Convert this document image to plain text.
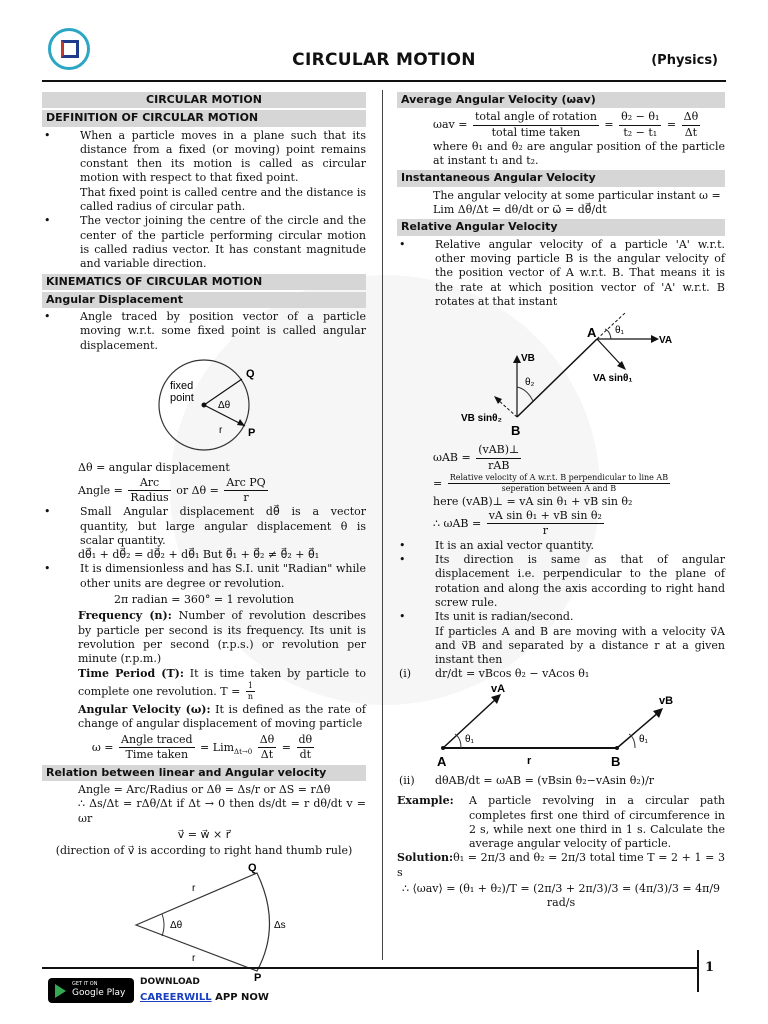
CIRCULAR MOTION	(Physics)
CIRCULAR MOTION
DEFINITION OF CIRCULAR MOTION
•	When a particle moves in a plane such that its distance from a fixed (or moving) point remains constant then its motion is called as circular motion with respect to that fixed point.
That fixed point is called centre and the distance is called radius of circular path.
•	The vector joining the centre of the circle and the center of the particle performing circular motion is called radius vector. It has constant magnitude and variable direction.
KINEMATICS OF CIRCULAR MOTION
Angular Displacement
•	Angle traced by position vector of a particle moving w.r.t. some fixed point is called angular displacement.
fixed
point
Δθ
r
Q
P
Δθ = angular displacement
Angle = $\frac{\text{Arc}}{\text{Radius}}$ or $\Delta\theta = \frac{\text{Arc PQ}}{r}$
•	Small Angular displacement dθ⃗ is a vector quantity, but large angular displacement θ is scalar quantity.
dθ⃗₁ + dθ⃗₂ = dθ⃗₂ + dθ⃗₁ But θ⃗₁ + θ⃗₂ ≠ θ⃗₂ + θ⃗₁
•	It is dimensionless and has S.I. unit "Radian" while other units are degree or revolution.
2π radian = 360° = 1 revolution
Frequency (n): Number of revolution describes by particle per second is its frequency. Its unit is revolution per second (r.p.s.) or revolution per minute (r.p.m.)
Time Period (T): It is time taken by particle to complete one revolution. $T = \frac{1}{n}$
Angular Velocity (ω): It is defined as the rate of change of angular displacement of moving particle
$\omega = \frac{\text{Angle traced}}{\text{Time taken}} = Lim_{\Delta t\to 0} \frac{\Delta\theta}{\Delta t} = \frac{d\theta}{dt}$
Relation between linear and Angular velocity
Angle = Arc/Radius or Δθ = Δs/r or ΔS = rΔθ
∴ Δs/Δt = rΔθ/Δt if Δt → 0 then ds/dt = r dθ/dt v = ωr
v⃗ = w⃗ × r⃗
(direction of v⃗ is according to right hand thumb rule)
Q
P
r
r
Δθ	Δs
Average Angular Velocity (ωav)
$\omega av = \frac{\text{total angle of rotation}}{\text{total time taken}} = \frac{\text{θ₂ − θ₁}}{\text{t₂ − t₁}} = \frac{\Delta\theta}{\Delta t}$
where θ₁ and θ₂ are angular position of the particle at instant t₁ and t₂.
Instantaneous Angular Velocity
The angular velocity at some particular instant ω =
Lim Δθ/Δt = dθ/dt or ω⃗ = dθ⃗/dt
Relative Angular Velocity
•	Relative angular velocity of a particle 'A' w.r.t. other moving particle B is the angular velocity of the position vector of A w.r.t. B. That means it is the rate at which position vector of 'A' w.r.t. B rotates at that instant
A
B
θ₁
θ₂
VA
VB
VA sinθ₁
VB sinθ₂
$\omega AB = \frac{\text{(vAB)⊥}}{\text{rAB}}$
= $\frac{\text{Relative velocity of A w.r.t. B perpendicular to line AB}}{\text{seperation between A and B}}$
here (vAB)⊥ = vA sin θ₁ + vB sin θ₂
∴ $\omega AB = \frac{\text{vA sin θ₁ + vB sin θ₂}}{r}$
•	It is an axial vector quantity.
•	Its direction is same as that of angular displacement i.e. perpendicular to the plane of rotation and along the axis according to right hand screw rule.
•	Its unit is radian/second.
If particles A and B are moving with a velocity v⃗A and v⃗B and separated by a distance r at a given instant then
(i)	dr/dt = vBcos θ₂ − vAcos θ₁
A	B
r
vA
vB
θ₁	θ₁
(ii)	dθAB/dt = ωAB = (vBsin θ₂−vAsin θ₂)/r
Example:	A particle revolving in a circular path completes first one third of circumference in 2 s, while next one third in 1 s. Calculate the average angular velocity of particle.
Solution:θ₁ = 2π/3 and θ₂ = 2π/3 total time T = 2 + 1 = 3 s
∴ ⟨ωav⟩ = (θ₁ + θ₂)/T = (2π/3 + 2π/3)/3 = (4π/3)/3 = 4π/9 rad/s
1
GET IT ON
Google Play
DOWNLOAD
CAREERWILL APP NOW
